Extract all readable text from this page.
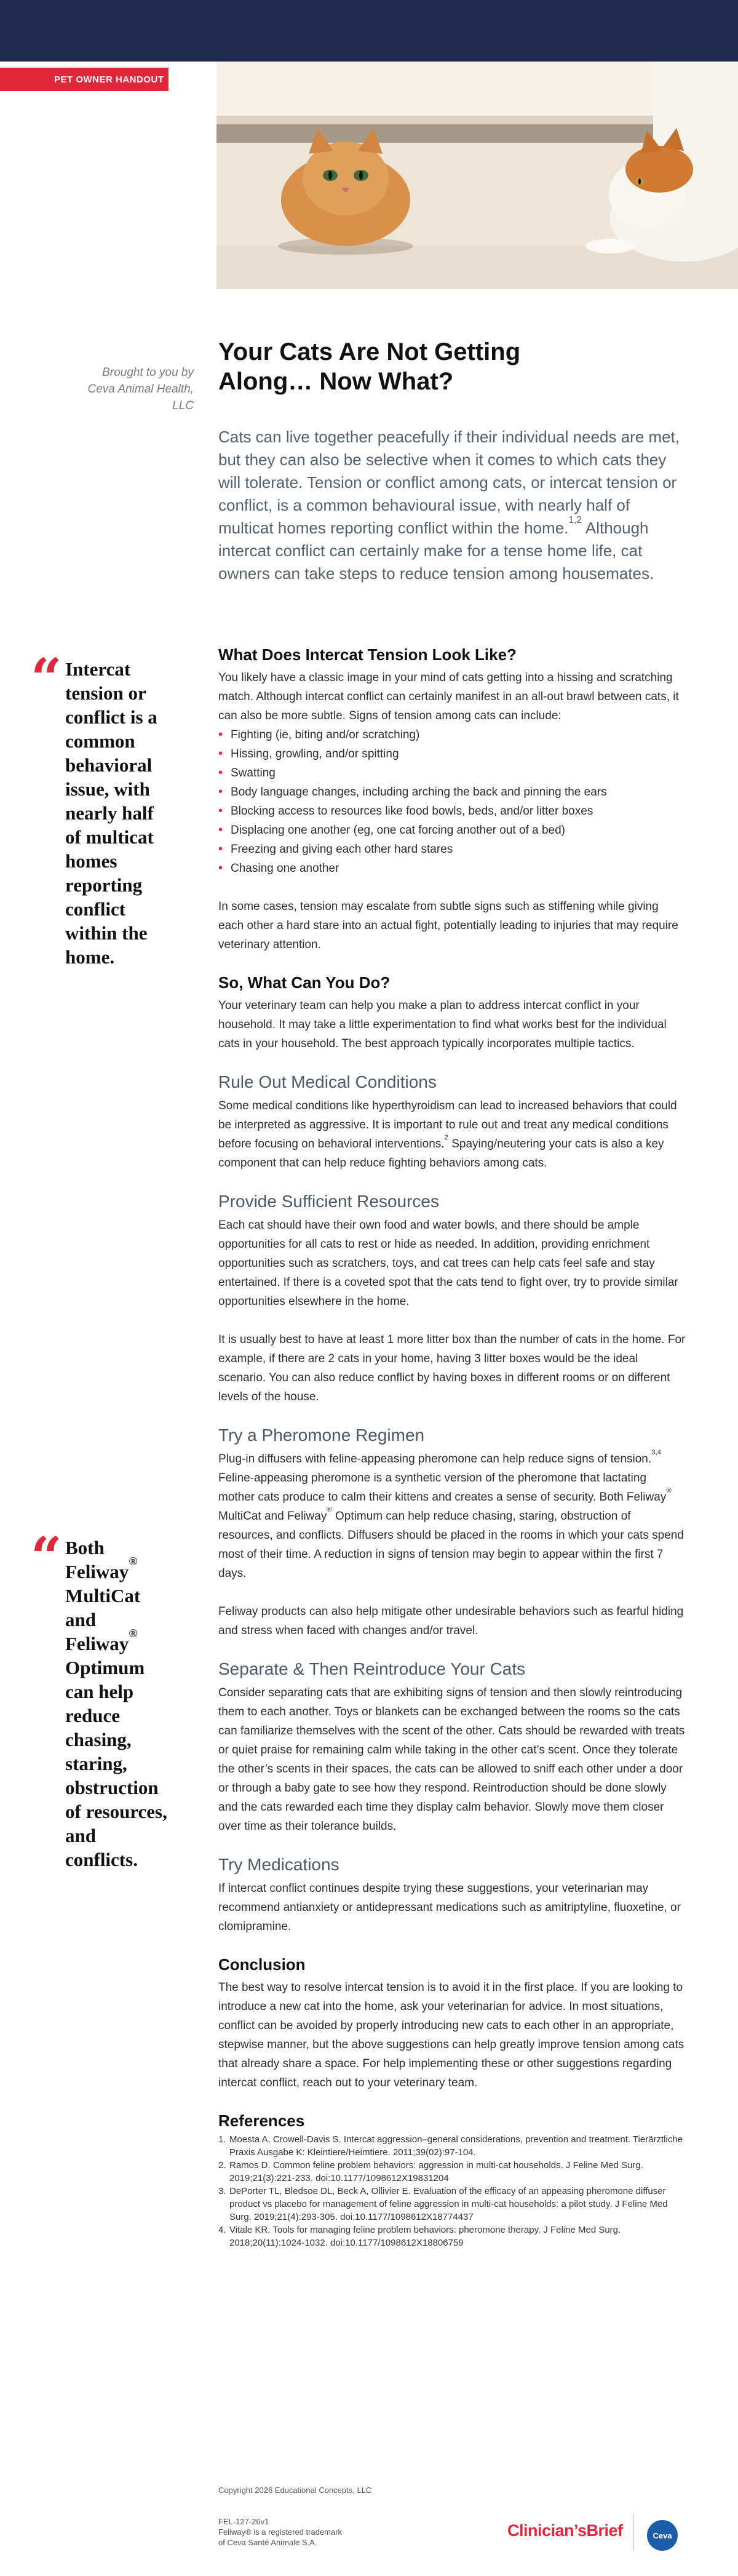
PET OWNER HANDOUT
Brought to you by Ceva Animal Health, LLC
Your Cats Are Not Getting Along… Now What?

Cats can live together peacefully if their individual needs are met, but they can also be selective when it comes to which cats they will tolerate. Tension or conflict among cats, or intercat tension or conflict, is a common behavioural issue, with nearly half of multicat homes reporting conflict within the home.$^{1,2}$ Although intercat conflict can certainly make for a tense home life, cat owners can take steps to reduce tension among housemates.

“ Intercat tension or conflict is a common behavioral issue, with nearly half of multicat homes reporting conflict within the home.
“ Both Feliway® MultiCat and Feliway® Optimum can help reduce chasing, staring, obstruction of resources, and conflicts.
What Does Intercat Tension Look Like?

You likely have a classic image in your mind of cats getting into a hissing and scratching match. Although intercat conflict can certainly manifest in an all-out brawl between cats, it can also be more subtle. Signs of tension among cats can include:

• Fighting (ie, biting and/or scratching)
• Hissing, growling, and/or spitting
• Swatting
• Body language changes, including arching the back and pinning the ears
• Blocking access to resources like food bowls, beds, and/or litter boxes
• Displacing one another (eg, one cat forcing another out of a bed)
• Freezing and giving each other hard stares
• Chasing one another

In some cases, tension may escalate from subtle signs such as stiffening while giving each other a hard stare into an actual fight, potentially leading to injuries that may require veterinary attention.

So, What Can You Do?

Your veterinary team can help you make a plan to address intercat conflict in your household. It may take a little experimentation to find what works best for the individual cats in your household. The best approach typically incorporates multiple tactics.

Rule Out Medical Conditions

Some medical conditions like hyperthyroidism can lead to increased behaviors that could be interpreted as aggressive. It is important to rule out and treat any medical conditions before focusing on behavioral interventions.$^2$ Spaying/neutering your cats is also a key component that can help reduce fighting behaviors among cats.

Provide Sufficient Resources

Each cat should have their own food and water bowls, and there should be ample opportunities for all cats to rest or hide as needed. In addition, providing enrichment opportunities such as scratchers, toys, and cat trees can help cats feel safe and stay entertained. If there is a coveted spot that the cats tend to fight over, try to provide similar opportunities elsewhere in the home.

It is usually best to have at least 1 more litter box than the number of cats in the home. For example, if there are 2 cats in your home, having 3 litter boxes would be the ideal scenario. You can also reduce conflict by having boxes in different rooms or on different levels of the house.

Try a Pheromone Regimen

Plug-in diffusers with feline-appeasing pheromone can help reduce signs of tension.$^{3,4}$ Feline-appeasing pheromone is a synthetic version of the pheromone that lactating mother cats produce to calm their kittens and creates a sense of security. Both Feliway® MultiCat and Feliway® Optimum can help reduce chasing, staring, obstruction of resources, and conflicts. Diffusers should be placed in the rooms in which your cats spend most of their time. A reduction in signs of tension may begin to appear within the first 7 days.

Feliway products can also help mitigate other undesirable behaviors such as fearful hiding and stress when faced with changes and/or travel.

Separate & Then Reintroduce Your Cats

Consider separating cats that are exhibiting signs of tension and then slowly reintroducing them to each another. Toys or blankets can be exchanged between the rooms so the cats can familiarize themselves with the scent of the other. Cats should be rewarded with treats or quiet praise for remaining calm while taking in the other cat’s scent. Once they tolerate the other’s scents in their spaces, the cats can be allowed to sniff each other under a door or through a baby gate to see how they respond. Reintroduction should be done slowly and the cats rewarded each time they display calm behavior. Slowly move them closer over time as their tolerance builds.

Try Medications

If intercat conflict continues despite trying these suggestions, your veterinarian may recommend antianxiety or antidepressant medications such as amitriptyline, fluoxetine, or clomipramine.

Conclusion

The best way to resolve intercat tension is to avoid it in the first place. If you are looking to introduce a new cat into the home, ask your veterinarian for advice. In most situations, conflict can be avoided by properly introducing new cats to each other in an appropriate, stepwise manner, but the above suggestions can help greatly improve tension among cats that already share a space. For help implementing these or other suggestions regarding intercat conflict, reach out to your veterinary team.

References
1. Moesta A, Crowell-Davis S. Intercat aggression–general considerations, prevention and treatment. Tierärztliche Praxis Ausgabe K: Kleintiere/Heimtiere. 2011;39(02):97-104.
2. Ramos D. Common feline problem behaviors: aggression in multi-cat households. J Feline Med Surg. 2019;21(3):221-233. doi:10.1177/1098612X19831204
3. DePorter TL, Bledsoe DL, Beck A, Ollivier E. Evaluation of the efficacy of an appeasing pheromone diffuser product vs placebo for management of feline aggression in multi-cat households: a pilot study. J Feline Med Surg. 2019;21(4):293-305. doi:10.1177/1098612X18774437
4. Vitale KR. Tools for managing feline problem behaviors: pheromone therapy. J Feline Med Surg. 2018;20(11):1024-1032. doi:10.1177/1098612X18806759
Copyright 2026 Educational Concepts, LLC
FEL-127-26v1
Feliway® is a registered trademark
of Ceva Santé Animale S.A.
Clinician’sBrief	Ceva
